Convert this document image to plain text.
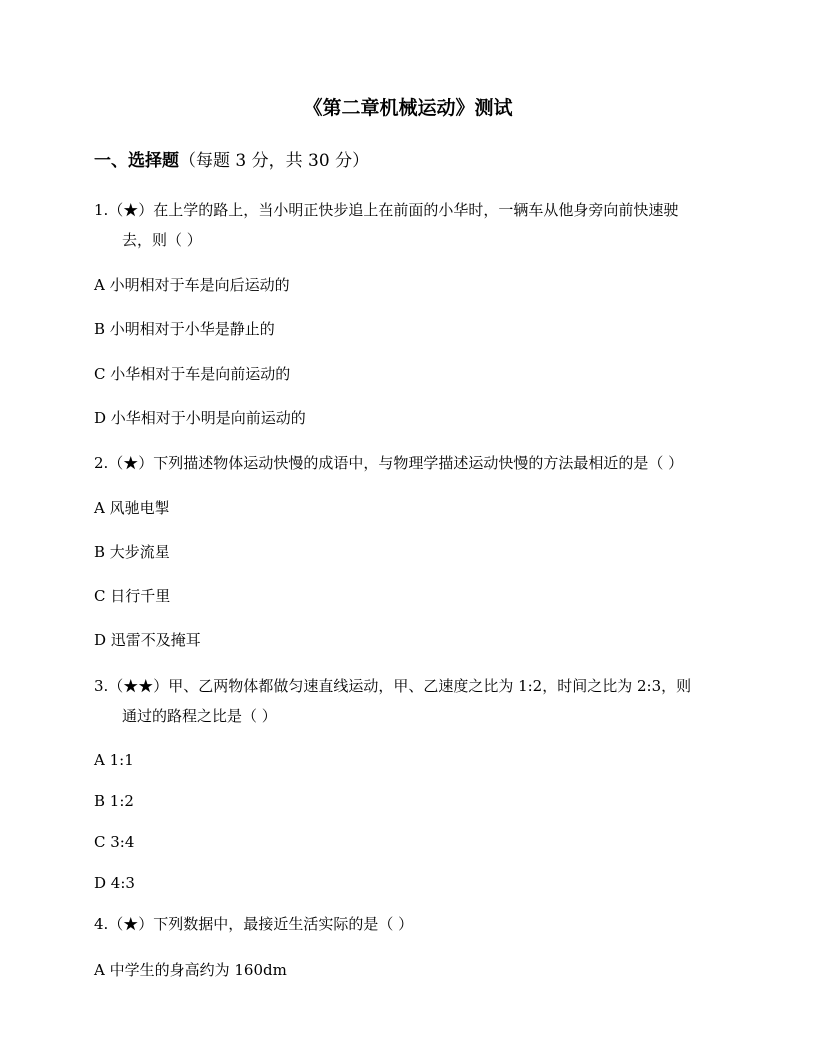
《第二章机械运动》测试
一、选择题（每题 3 分，共 30 分）

1.（★）在上学的路上，当小明正快步追上在前面的小华时，一辆车从他身旁向前快速驶

去，则（ ）

A 小明相对于车是向后运动的

B 小明相对于小华是静止的

C 小华相对于车是向前运动的

D 小华相对于小明是向前运动的

2.（★）下列描述物体运动快慢的成语中，与物理学描述运动快慢的方法最相近的是（ ）

A 风驰电掣

B 大步流星

C 日行千里

D 迅雷不及掩耳

3.（★★）甲、乙两物体都做匀速直线运动，甲、乙速度之比为 1:2，时间之比为 2:3，则

通过的路程之比是（ ）

A 1:1

B 1:2

C 3:4

D 4:3

4.（★）下列数据中，最接近生活实际的是（ ）

A 中学生的身高约为 160dm
